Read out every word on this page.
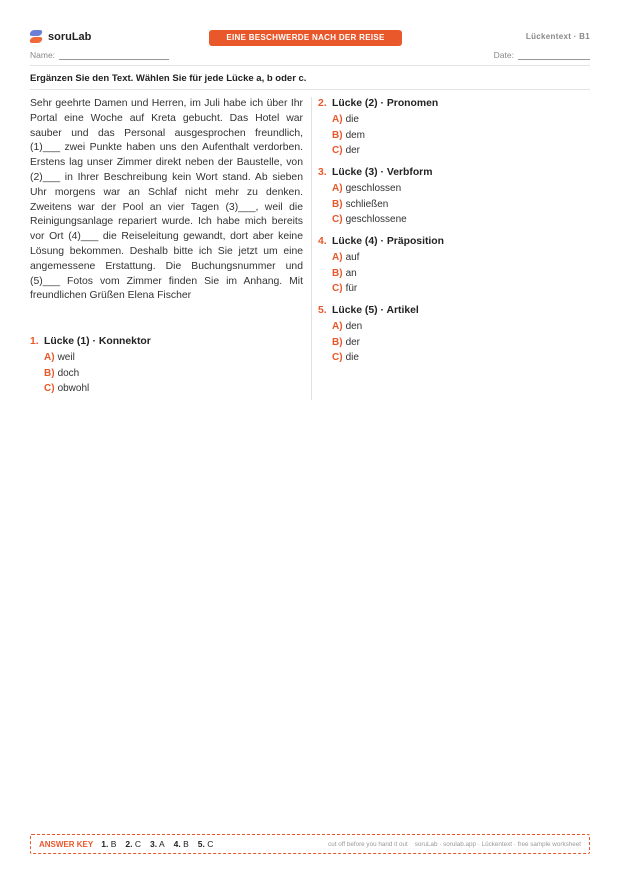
soruLab	EINE BESCHWERDE NACH DER REISE	Lückentext · B1
Name:	Date:
Ergänzen Sie den Text. Wählen Sie für jede Lücke a, b oder c.
Sehr geehrte Damen und Herren, im Juli habe ich über Ihr Portal eine Woche auf Kreta gebucht. Das Hotel war sauber und das Personal ausgesprochen freundlich, (1)___ zwei Punkte haben uns den Aufenthalt verdorben. Erstens lag unser Zimmer direkt neben der Baustelle, von (2)___ in Ihrer Beschreibung kein Wort stand. Ab sieben Uhr morgens war an Schlaf nicht mehr zu denken. Zweitens war der Pool an vier Tagen (3)___, weil die Reinigungsanlage repariert wurde. Ich habe mich bereits vor Ort (4)___ die Reiseleitung gewandt, dort aber keine Lösung bekommen. Deshalb bitte ich Sie jetzt um eine angemessene Erstattung. Die Buchungsnummer und (5)___ Fotos vom Zimmer finden Sie im Anhang. Mit freundlichen Grüßen Elena Fischer
1. Lücke (1) · Konnektor
A) weil
B) doch
C) obwohl
2. Lücke (2) · Pronomen
A) die
B) dem
C) der
3. Lücke (3) · Verbform
A) geschlossen
B) schließen
C) geschlossene
4. Lücke (4) · Präposition
A) auf
B) an
C) für
5. Lücke (5) · Artikel
A) den
B) der
C) die
ANSWER KEY 1. B 2. C 3. A 4. B 5. C	cut off before you hand it out    soruLab · sorulab.app · Lückentext · free sample worksheet
